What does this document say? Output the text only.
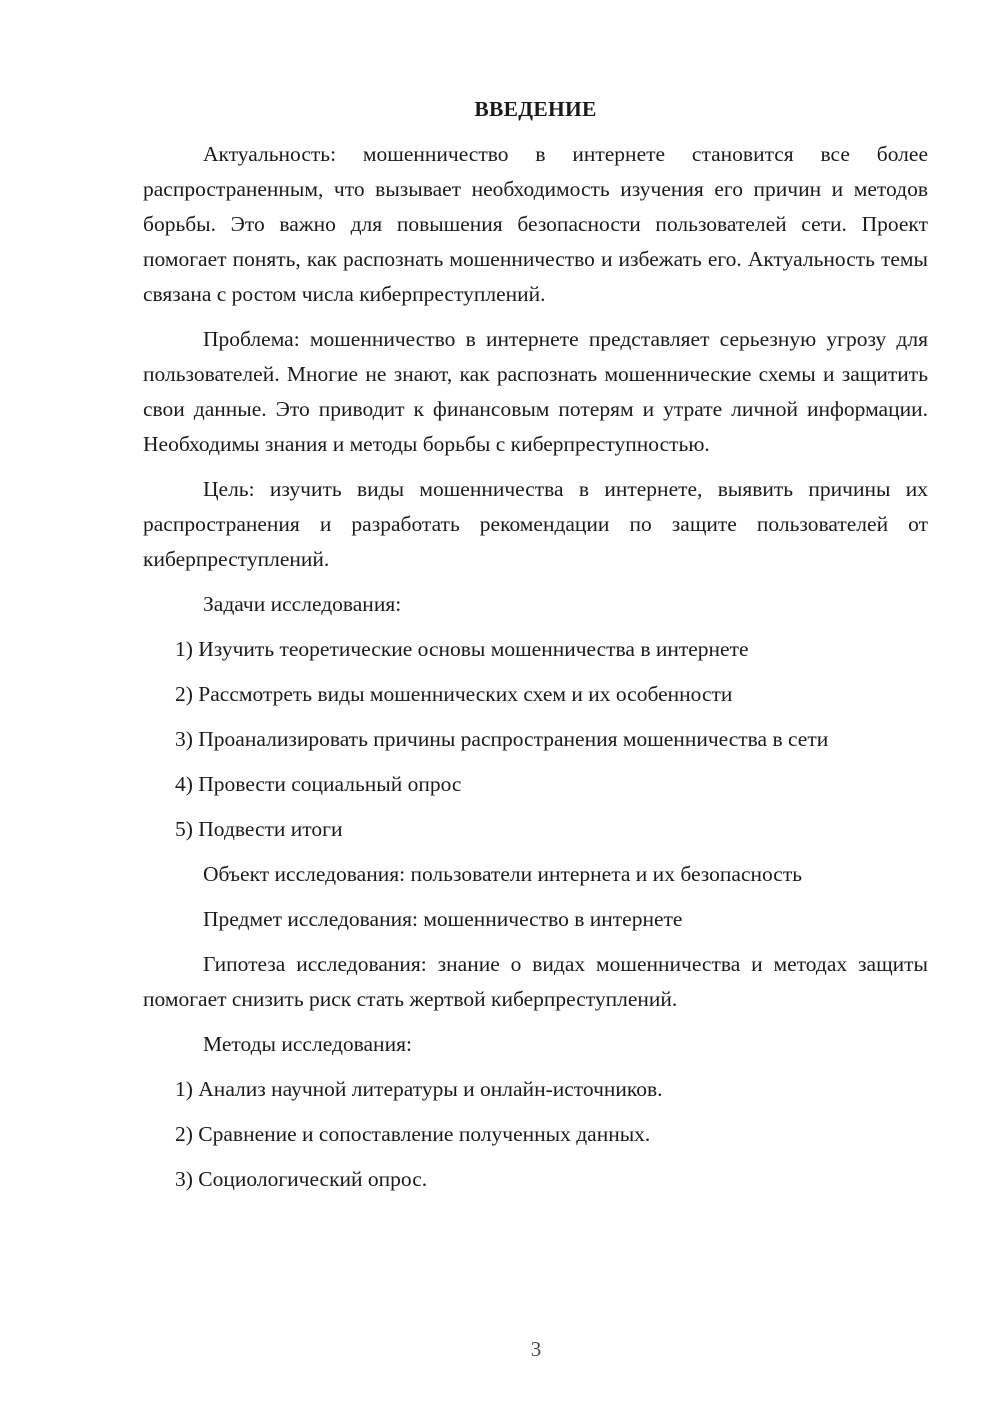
ВВЕДЕНИЕ

Актуальность: мошенничество в интернете становится все более распространенным, что вызывает необходимость изучения его причин и методов борьбы. Это важно для повышения безопасности пользователей сети. Проект помогает понять, как распознать мошенничество и избежать его. Актуальность темы связана с ростом числа киберпреступлений.

Проблема: мошенничество в интернете представляет серьезную угрозу для пользователей. Многие не знают, как распознать мошеннические схемы и защитить свои данные. Это приводит к финансовым потерям и утрате личной информации. Необходимы знания и методы борьбы с киберпреступностью.

Цель: изучить виды мошенничества в интернете, выявить причины их распространения и разработать рекомендации по защите пользователей от киберпреступлений.

Задачи исследования:

1) Изучить теоретические основы мошенничества в интернете

2) Рассмотреть виды мошеннических схем и их особенности

3) Проанализировать причины распространения мошенничества в сети

4) Провести социальный опрос

5) Подвести итоги

Объект исследования: пользователи интернета и их безопасность

Предмет исследования: мошенничество в интернете

Гипотеза исследования: знание о видах мошенничества и методах защиты помогает снизить риск стать жертвой киберпреступлений.

Методы исследования:

1) Анализ научной литературы и онлайн-источников.

2) Сравнение и сопоставление полученных данных.

3) Социологический опрос.

3
